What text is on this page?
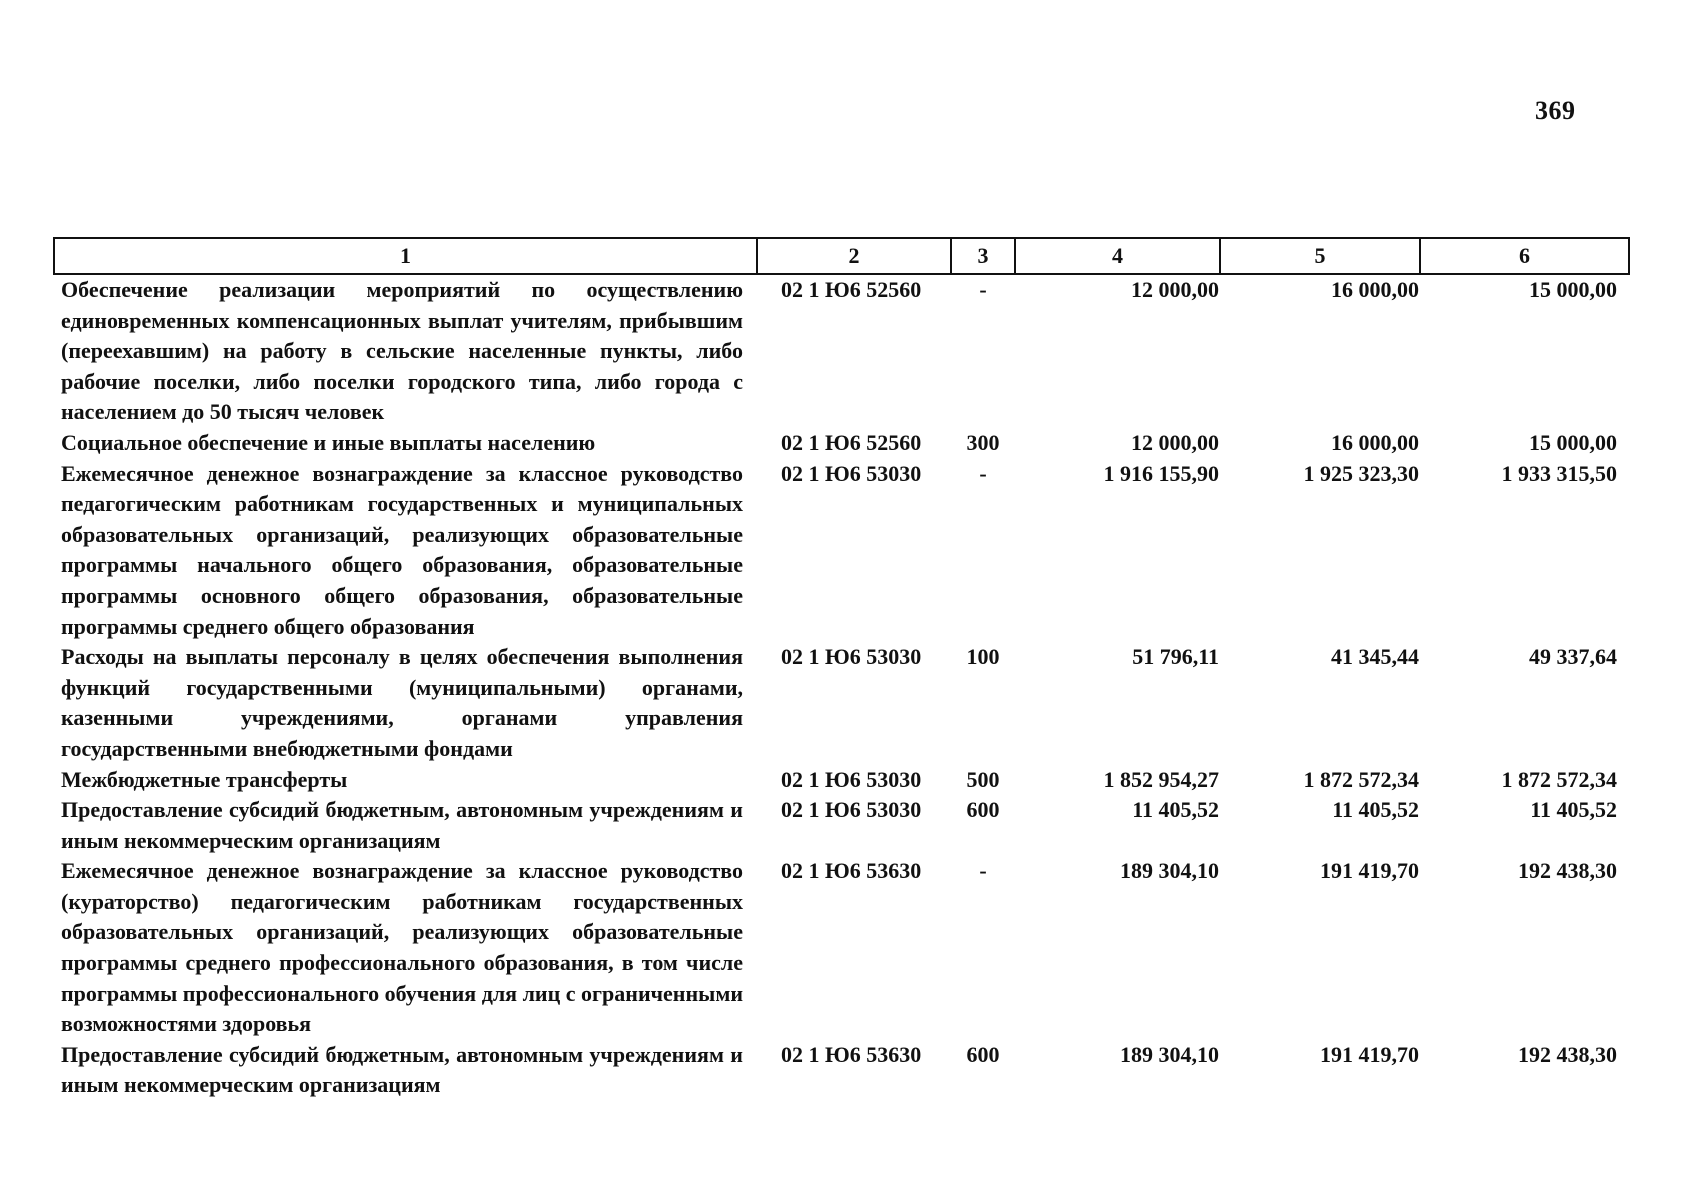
369
1	2	3	4	5	6
Обеспечение реализации мероприятий по осуществлению единовременных компенсационных выплат учителям, прибывшим (переехавшим) на работу в сельские населенные пункты, либо рабочие поселки, либо поселки городского типа, либо города с населением до 50 тысяч человек	02 1 Ю6 52560	-	12 000,00	16 000,00	15 000,00
Социальное обеспечение и иные выплаты населению	02 1 Ю6 52560	300	12 000,00	16 000,00	15 000,00
Ежемесячное денежное вознаграждение за классное руководство педагогическим работникам государственных и муниципальных образовательных организаций, реализующих образовательные программы начального общего образования, образовательные программы основного общего образования, образовательные программы среднего общего образования	02 1 Ю6 53030	-	1 916 155,90	1 925 323,30	1 933 315,50
Расходы на выплаты персоналу в целях обеспечения выполнения функций государственными (муниципальными) органами, казенными учреждениями, органами управления государственными внебюджетными фондами	02 1 Ю6 53030	100	51 796,11	41 345,44	49 337,64
Межбюджетные трансферты	02 1 Ю6 53030	500	1 852 954,27	1 872 572,34	1 872 572,34
Предоставление субсидий бюджетным, автономным учреждениям и иным некоммерческим организациям	02 1 Ю6 53030	600	11 405,52	11 405,52	11 405,52
Ежемесячное денежное вознаграждение за классное руководство (кураторство) педагогическим работникам государственных образовательных организаций, реализующих образовательные программы среднего профессионального образования, в том числе программы профессионального обучения для лиц с ограниченными возможностями здоровья	02 1 Ю6 53630	-	189 304,10	191 419,70	192 438,30
Предоставление субсидий бюджетным, автономным учреждениям и иным некоммерческим организациям	02 1 Ю6 53630	600	189 304,10	191 419,70	192 438,30
